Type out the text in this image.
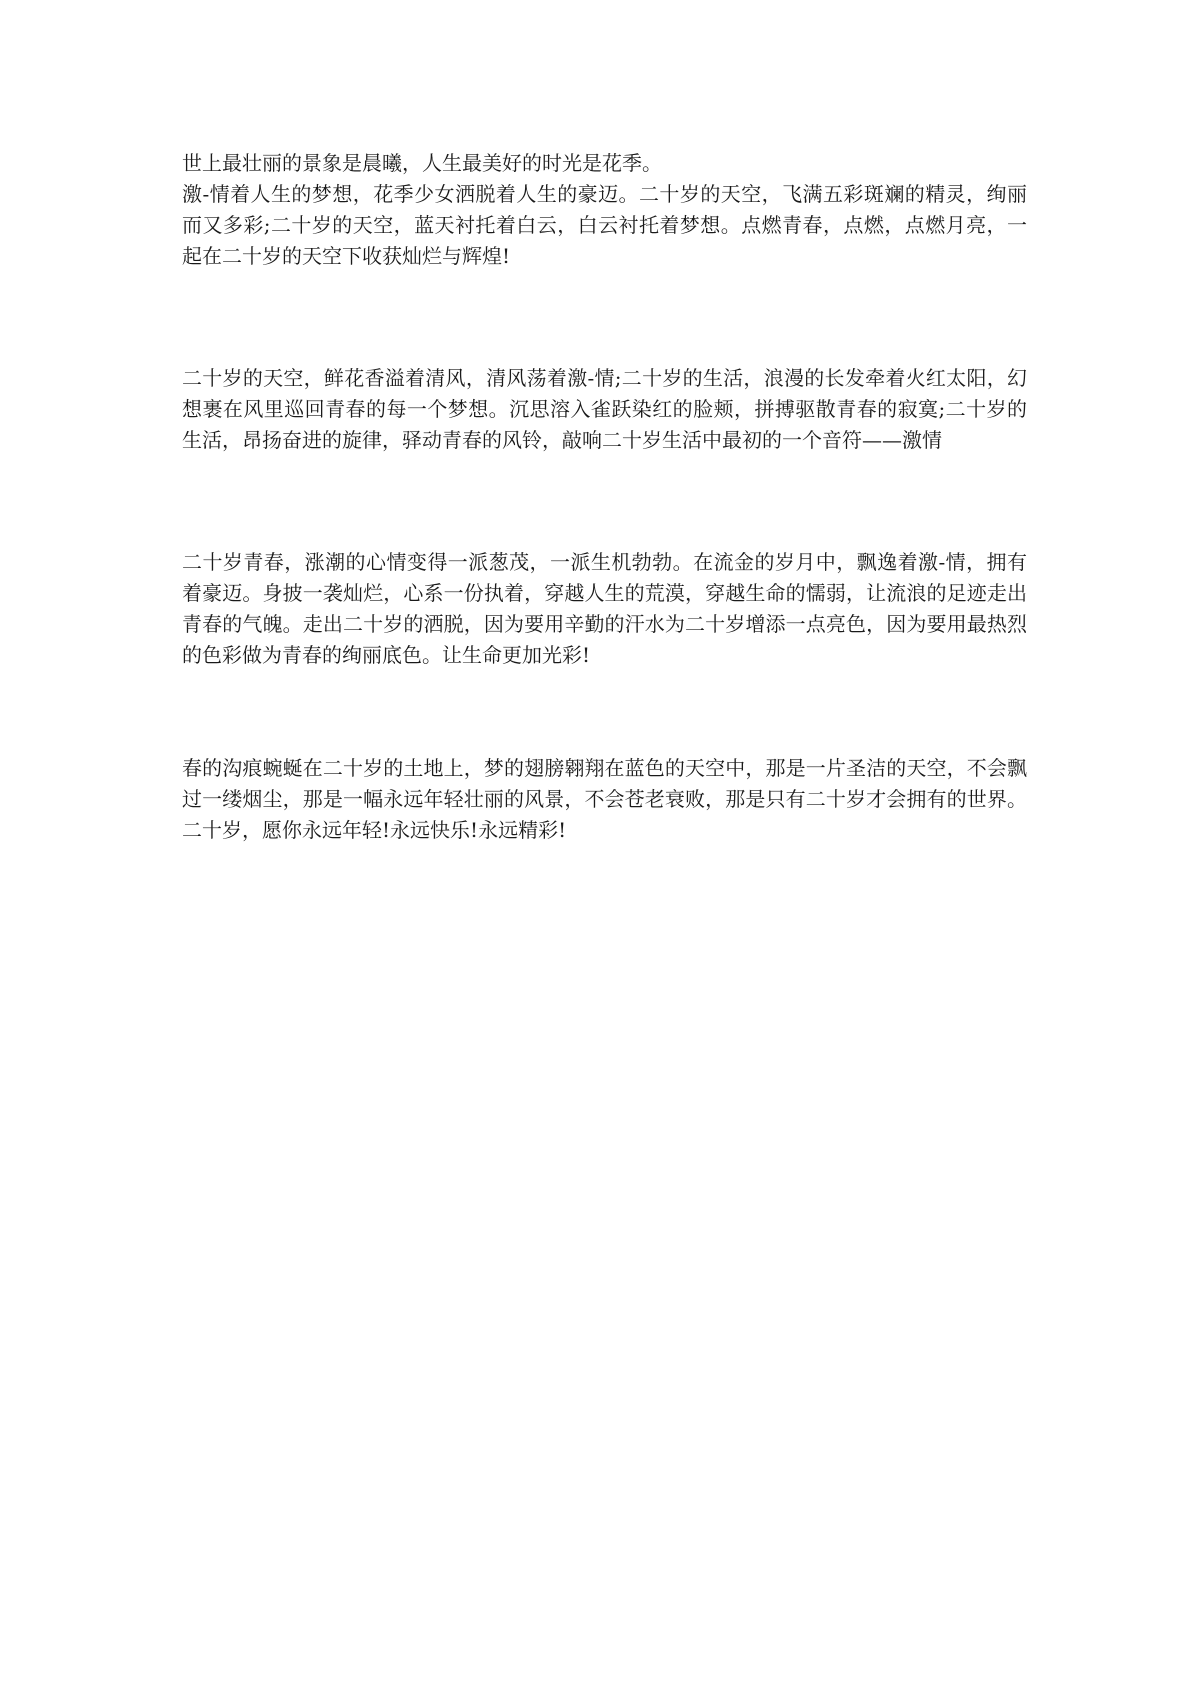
世上最壮丽的景象是晨曦，人生最美好的时光是花季。

激-情着人生的梦想，花季少女洒脱着人生的豪迈。二十岁的天空，飞满五彩斑斓的精灵，绚丽而又多彩;二十岁的天空，蓝天衬托着白云，白云衬托着梦想。点燃青春，点燃，点燃月亮，一起在二十岁的天空下收获灿烂与辉煌!

二十岁的天空，鲜花香溢着清风，清风荡着激-情;二十岁的生活，浪漫的长发牵着火红太阳，幻想裹在风里巡回青春的每一个梦想。沉思溶入雀跃染红的脸颊，拼搏驱散青春的寂寞;二十岁的生活，昂扬奋进的旋律，驿动青春的风铃，敲响二十岁生活中最初的一个音符——激情

二十岁青春，涨潮的心情变得一派葱茂，一派生机勃勃。在流金的岁月中，飘逸着激-情，拥有着豪迈。身披一袭灿烂，心系一份执着，穿越人生的荒漠，穿越生命的懦弱，让流浪的足迹走出青春的气魄。走出二十岁的洒脱，因为要用辛勤的汗水为二十岁增添一点亮色，因为要用最热烈的色彩做为青春的绚丽底色。让生命更加光彩!

春的沟痕蜿蜒在二十岁的土地上，梦的翅膀翱翔在蓝色的天空中，那是一片圣洁的天空，不会飘过一缕烟尘，那是一幅永远年轻壮丽的风景，不会苍老衰败，那是只有二十岁才会拥有的世界。二十岁，愿你永远年轻!永远快乐!永远精彩!
